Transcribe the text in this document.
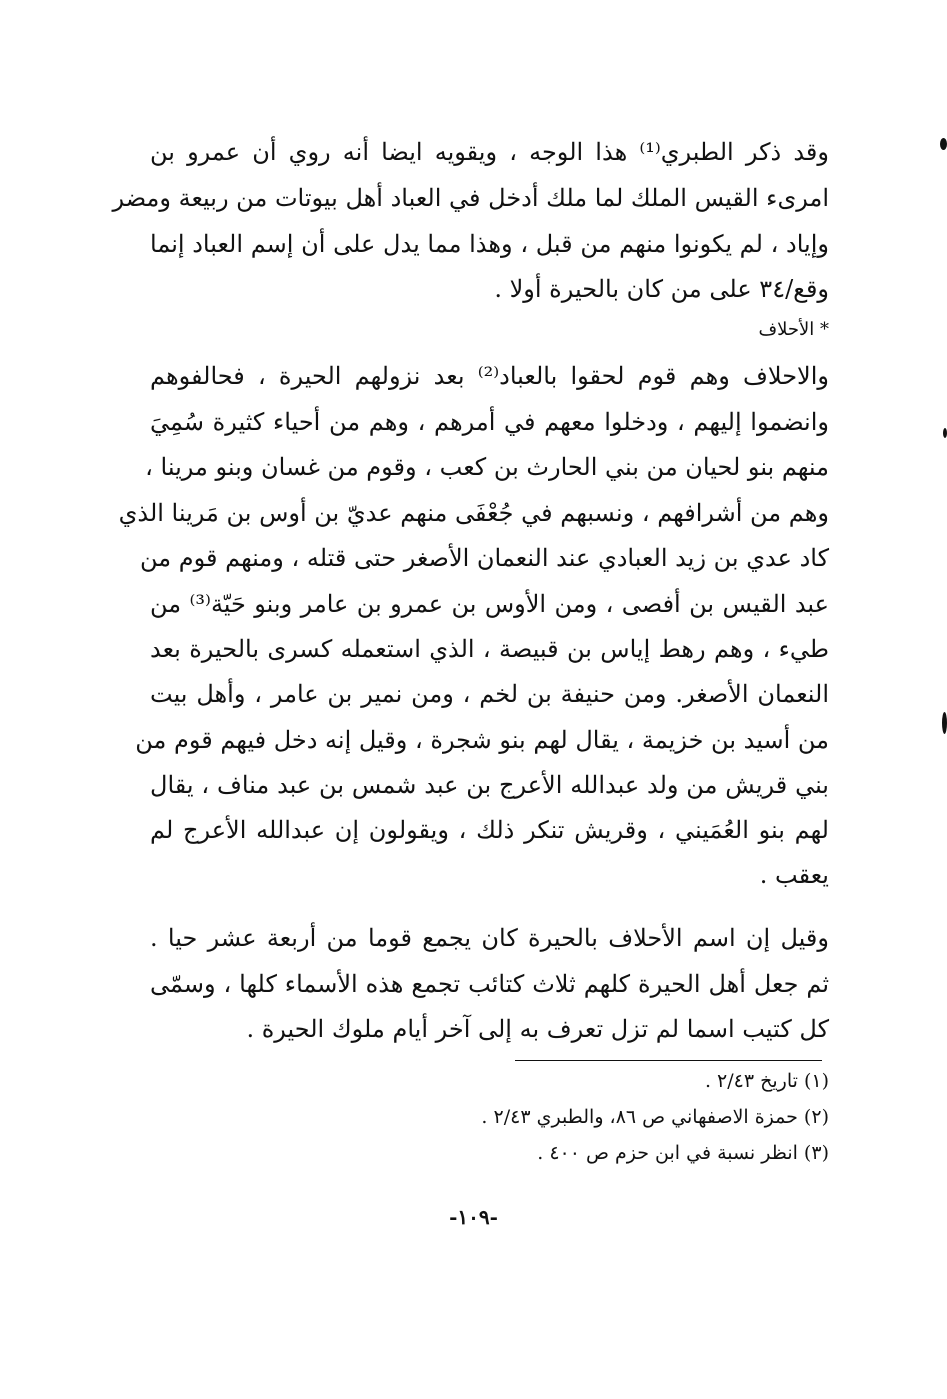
وقد ذكر الطبري⁽¹⁾ هذا الوجه ، ويقويه ايضا أنه روي أن عمرو بن
امرىء القيس الملك لما ملك أدخل في العباد أهل بيوتات من ربيعة ومضر
وإياد ، لم يكونوا منهم من قبل ، وهذا مما يدل على أن إسم العباد إنما
وقع/٣٤ على من كان بالحيرة أولا .
* الأحلاف
والاحلاف وهم قوم لحقوا بالعباد⁽²⁾ بعد نزولهم الحيرة ، فحالفوهم
وانضموا إليهم ، ودخلوا معهم في أمرهم ، وهم من أحياء كثيرة سُمِيَ
منهم بنو لحيان من بني الحارث بن كعب ، وقوم من غسان وبنو مرينا ،
وهم من أشرافهم ، ونسبهم في جُعْفَى منهم عديّ بن أوس بن مَرينا الذي
كاد عدي بن زيد العبادي عند النعمان الأصغر حتى قتله ، ومنهم قوم من
عبد القيس بن أفصى ، ومن الأوس بن عمرو بن عامر وبنو حَيّة⁽³⁾ من
طيء ، وهم رهط إياس بن قبيصة ، الذي استعمله كسرى بالحيرة بعد
النعمان الأصغر. ومن حنيفة بن لخم ، ومن نمير بن عامر ، وأهل بيت
من أسيد بن خزيمة ، يقال لهم بنو شجرة ، وقيل إنه دخل فيهم قوم من
بني قريش من ولد عبدالله الأعرج بن عبد شمس بن عبد مناف ، يقال
لهم بنو العُمَيني ، وقريش تنكر ذلك ، ويقولون إن عبدالله الأعرج لم
يعقب .
وقيل إن اسم الأحلاف بالحيرة كان يجمع قوما من أربعة عشر حيا .
ثم جعل أهل الحيرة كلهم ثلاث كتائب تجمع هذه الأسماء كلها ، وسمّى
كل كتيب اسما لم تزل تعرف به إلى آخر أيام ملوك الحيرة .
(١) تاريخ ٢/٤٣ .
(٢) حمزة الاصفهاني ص ٨٦، والطبري ٢/٤٣ .
(٣) انظر نسبة في ابن حزم ص ٤٠٠ .
-١٠٩-
